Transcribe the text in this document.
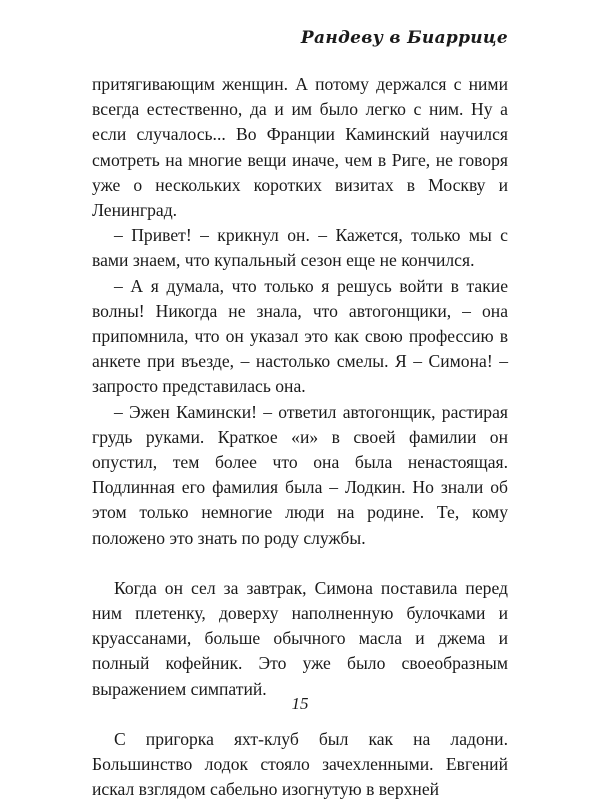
Рандеву в Биаррице

притягивающим женщин. А потому держался с ними всегда естественно, да и им было легко с ним. Ну а если случалось... Во Франции Каминский научился смотреть на многие вещи иначе, чем в Риге, не говоря уже о нескольких коротких визитах в Москву и Ленинград.

– Привет! – крикнул он. – Кажется, только мы с вами знаем, что купальный сезон еще не кончился.

– А я думала, что только я решусь войти в такие волны! Никогда не знала, что автогонщики, – она припомнила, что он указал это как свою профессию в анкете при въезде, – настолько смелы. Я – Симона! – запросто представилась она.

– Эжен Камински! – ответил автогонщик, растирая грудь руками. Краткое «и» в своей фамилии он опустил, тем более что она была ненастоящая. Подлинная его фамилия была – Лодкин. Но знали об этом только немногие люди на родине. Те, кому положено это знать по роду службы.

Когда он сел за завтрак, Симона поставила перед ним плетенку, доверху наполненную булочками и круассанами, больше обычного масла и джема и полный кофейник. Это уже было своеобразным выражением симпатий.

С пригорка яхт-клуб был как на ладони. Большинство лодок стояло зачехленными. Евгений искал взглядом сабельно изогнутую в верхней

15
